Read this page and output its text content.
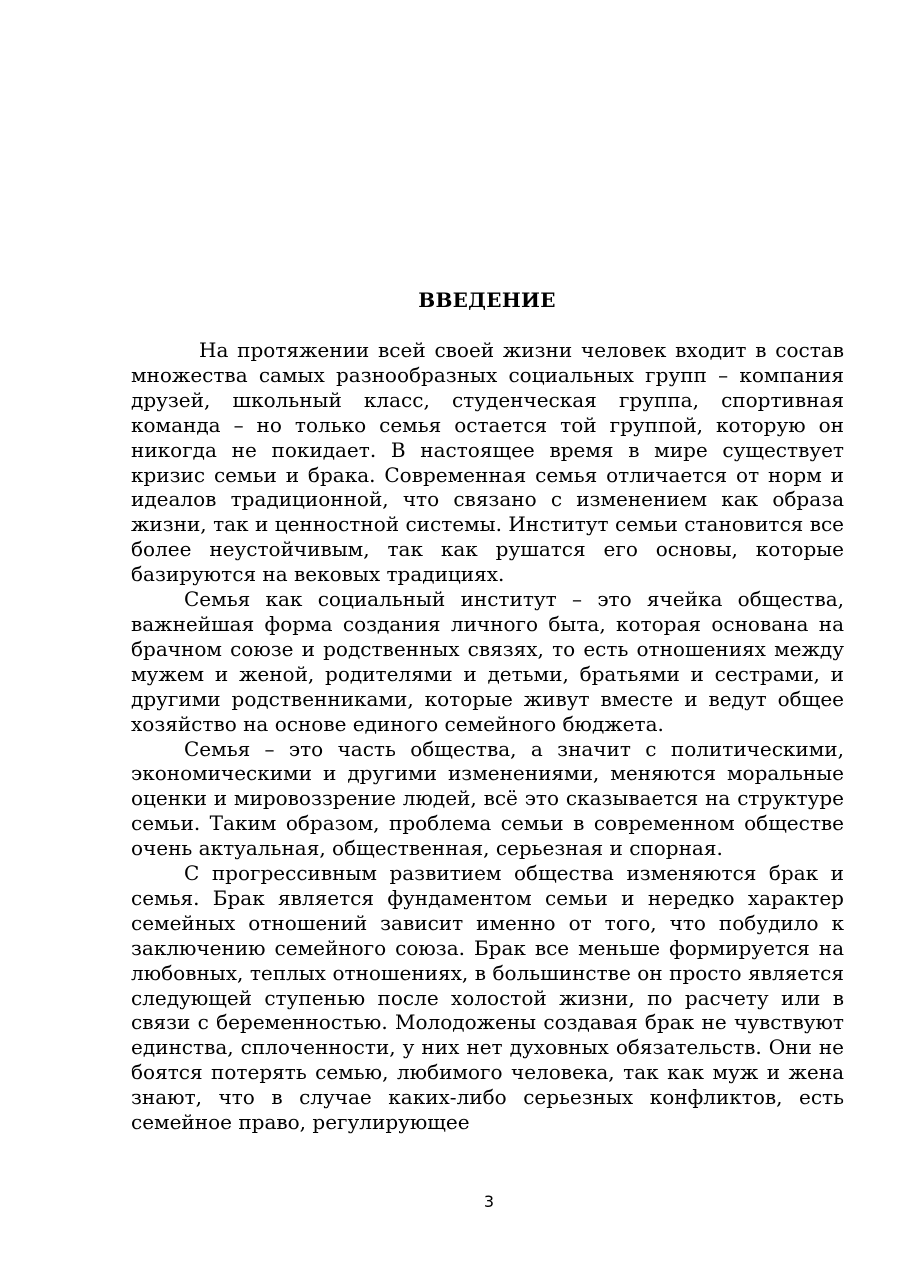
ВВЕДЕНИЕ

На протяжении всей своей жизни человек входит в состав множества самых разнообразных социальных групп – компания друзей, школьный класс, студенческая группа, спортивная команда – но только семья остается той группой, которую он никогда не покидает. В настоящее время в мире существует кризис семьи и брака. Современная семья отличается от норм и идеалов традиционной, что связано с изменением как образа жизни, так и ценностной системы. Институт семьи становится все более неустойчивым, так как рушатся его основы, которые базируются на вековых традициях.

Семья как социальный институт – это ячейка общества, важнейшая форма создания личного быта, которая основана на брачном союзе и родственных связях, то есть отношениях между мужем и женой, родителями и детьми, братьями и сестрами, и другими родственниками, которые живут вместе и ведут общее хозяйство на основе единого семейного бюджета.

Семья – это часть общества, а значит с политическими, экономическими и другими изменениями, меняются моральные оценки и мировоззрение людей, всё это сказывается на структуре семьи. Таким образом, проблема семьи в современном обществе очень актуальная, общественная, серьезная и спорная.

С прогрессивным развитием общества изменяются брак и семья. Брак является фундаментом семьи и нередко характер семейных отношений зависит именно от того, что побудило к заключению семейного союза. Брак все меньше формируется на любовных, теплых отношениях, в большинстве он просто является следующей ступенью после холостой жизни, по расчету или в связи с беременностью. Молодожены создавая брак не чувствуют единства, сплоченности, у них нет духовных обязательств. Они не боятся потерять семью, любимого человека, так как муж и жена знают, что в случае каких-либо серьезных конфликтов, есть семейное право, регулирующее

3
